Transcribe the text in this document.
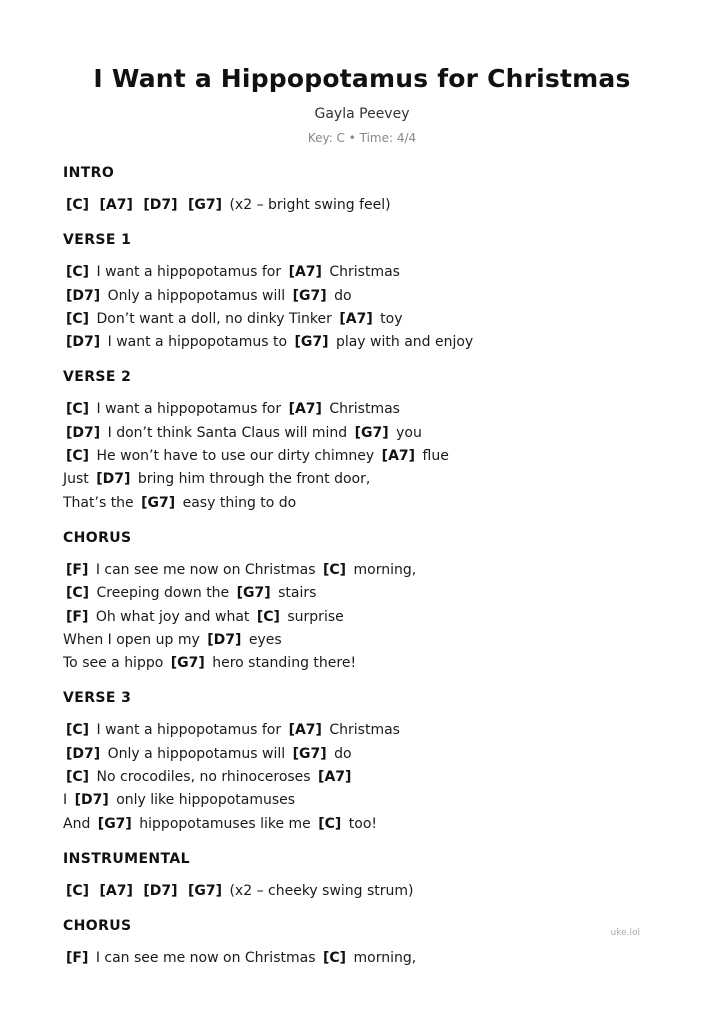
I Want a Hippopotamus for Christmas
Gayla Peevey
Key: C • Time: 4/4
INTRO
[C] [A7] [D7] [G7] (x2 – bright swing feel)
VERSE 1
[C] I want a hippopotamus for [A7] Christmas
[D7] Only a hippopotamus will [G7] do
[C] Don’t want a doll, no dinky Tinker [A7] toy
[D7] I want a hippopotamus to [G7] play with and enjoy
VERSE 2
[C] I want a hippopotamus for [A7] Christmas
[D7] I don’t think Santa Claus will mind [G7] you
[C] He won’t have to use our dirty chimney [A7] flue
Just [D7] bring him through the front door,
That’s the [G7] easy thing to do
CHORUS
[F] I can see me now on Christmas [C] morning,
[C] Creeping down the [G7] stairs
[F] Oh what joy and what [C] surprise
When I open up my [D7] eyes
To see a hippo [G7] hero standing there!
VERSE 3
[C] I want a hippopotamus for [A7] Christmas
[D7] Only a hippopotamus will [G7] do
[C] No crocodiles, no rhinoceroses [A7]
I [D7] only like hippopotamuses
And [G7] hippopotamuses like me [C] too!
INSTRUMENTAL
[C] [A7] [D7] [G7] (x2 – cheeky swing strum)
CHORUS
[F] I can see me now on Christmas [C] morning,
uke.lol
